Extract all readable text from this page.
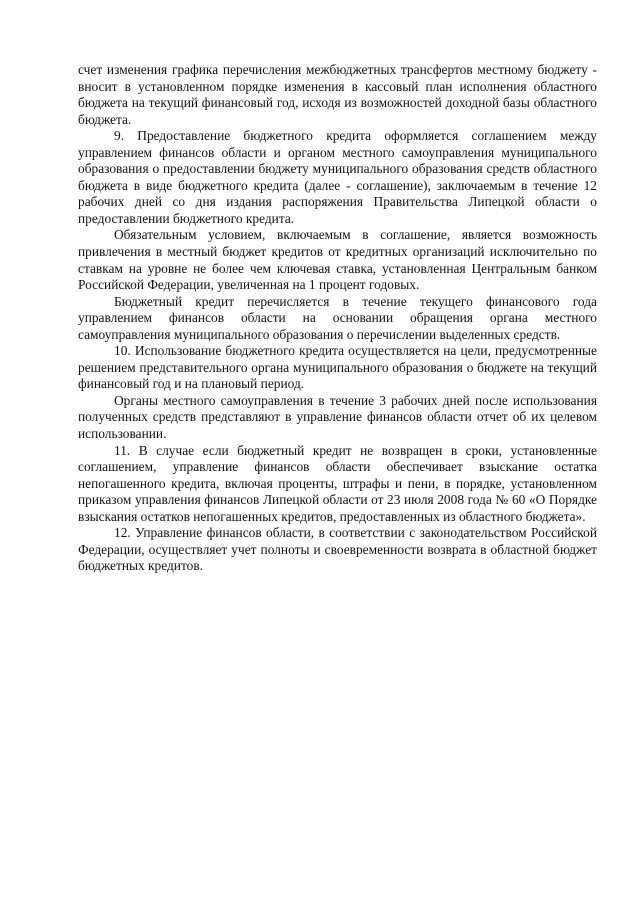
счет изменения графика перечисления межбюджетных трансфертов местному бюджету - вносит в установленном порядке изменения в кассовый план исполнения областного бюджета на текущий финансовый год, исходя из возможностей доходной базы областного бюджета.

9. Предоставление бюджетного кредита оформляется соглашением между управлением финансов области и органом местного самоуправления муниципального образования о предоставлении бюджету муниципального образования средств областного бюджета в виде бюджетного кредита (далее - соглашение), заключаемым в течение 12 рабочих дней со дня издания распоряжения Правительства Липецкой области о предоставлении бюджетного кредита.

Обязательным условием, включаемым в соглашение, является возможность привлечения в местный бюджет кредитов от кредитных организаций исключительно по ставкам на уровне не более чем ключевая ставка, установленная Центральным банком Российской Федерации, увеличенная на 1 процент годовых.

Бюджетный кредит перечисляется в течение текущего финансового года управлением финансов области на основании обращения органа местного самоуправления муниципального образования о перечислении выделенных средств.

10. Использование бюджетного кредита осуществляется на цели, предусмотренные решением представительного органа муниципального образования о бюджете на текущий финансовый год и на плановый период.

Органы местного самоуправления в течение 3 рабочих дней после использования полученных средств представляют в управление финансов области отчет об их целевом использовании.

11. В случае если бюджетный кредит не возвращен в сроки, установленные соглашением, управление финансов области обеспечивает взыскание остатка непогашенного кредита, включая проценты, штрафы и пени, в порядке, установленном приказом управления финансов Липецкой области от 23 июля 2008 года № 60 «О Порядке взыскания остатков непогашенных кредитов, предоставленных из областного бюджета».

12. Управление финансов области, в соответствии с законодательством Российской Федерации, осуществляет учет полноты и своевременности возврата в областной бюджет бюджетных кредитов.
